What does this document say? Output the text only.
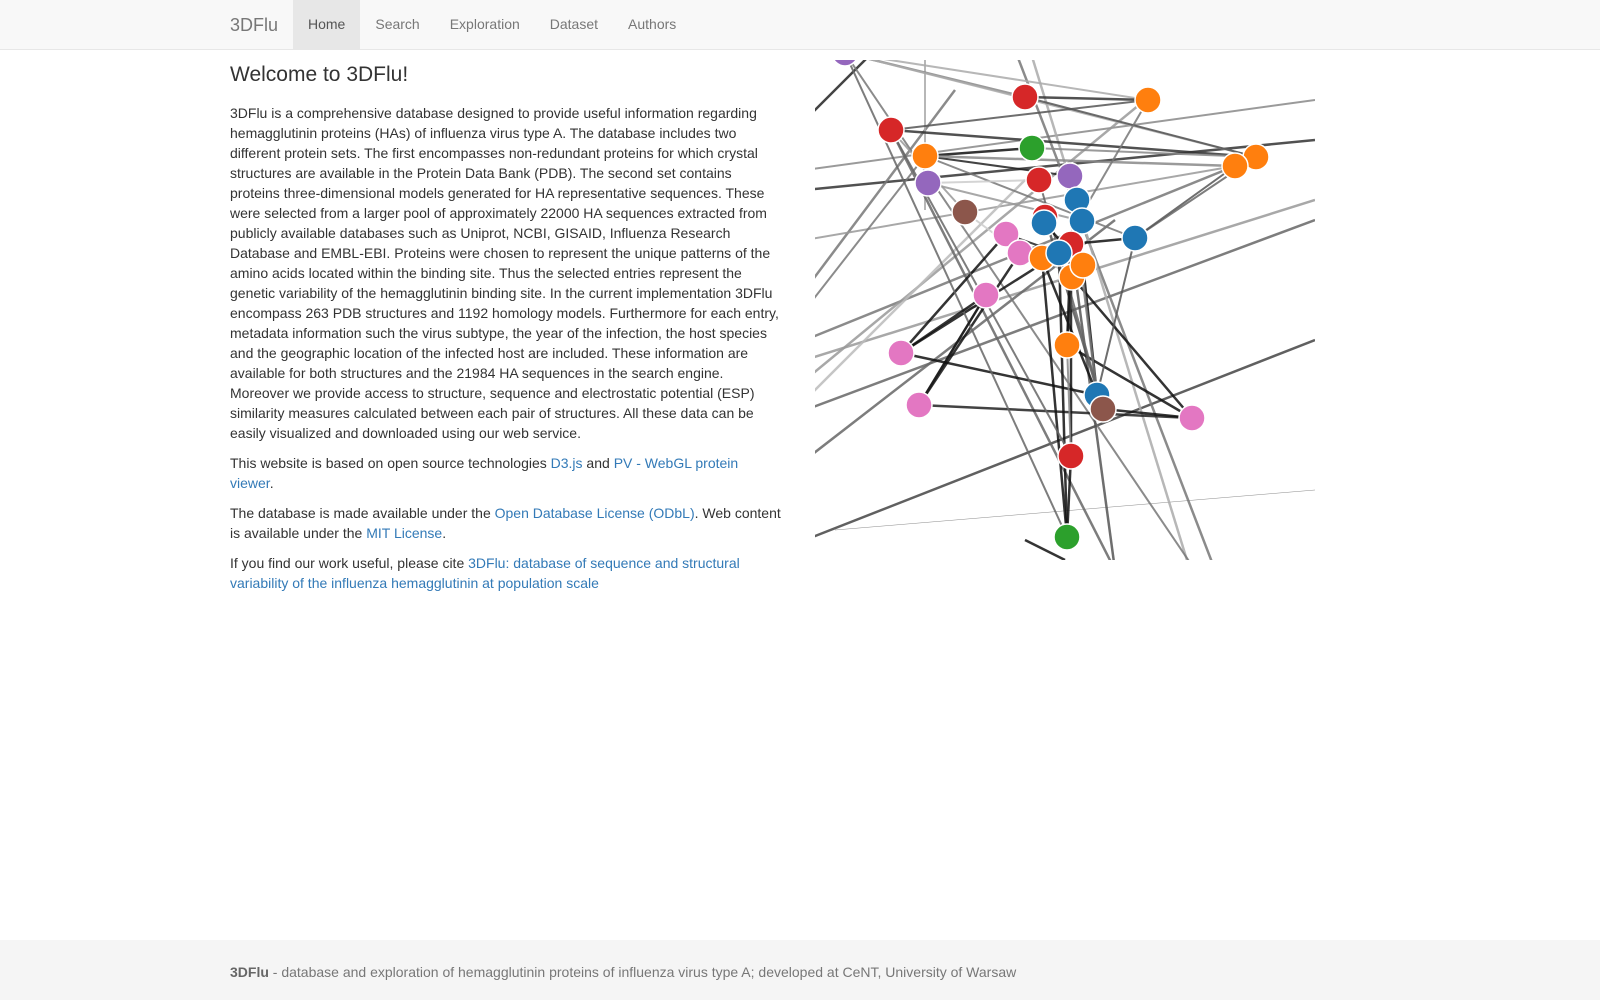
3DFlu	Home	Search	Exploration	Dataset	Authors
Welcome to 3DFlu!

3DFlu is a comprehensive database designed to provide useful information regarding hemagglutinin proteins (HAs) of influenza virus type A. The database includes two different protein sets. The first encompasses non-redundant proteins for which crystal structures are available in the Protein Data Bank (PDB). The second set contains proteins three-dimensional models generated for HA representative sequences. These were selected from a larger pool of approximately 22000 HA sequences extracted from publicly available databases such as Uniprot, NCBI, GISAID, Influenza Research Database and EMBL-EBI. Proteins were chosen to represent the unique patterns of the amino acids located within the binding site. Thus the selected entries represent the genetic variability of the hemagglutinin binding site. In the current implementation 3DFlu encompass 263 PDB structures and 1192 homology models. Furthermore for each entry, metadata information such the virus subtype, the year of the infection, the host species and the geographic location of the infected host are included. These information are available for both structures and the 21984 HA sequences in the search engine. Moreover we provide access to structure, sequence and electrostatic potential (ESP) similarity measures calculated between each pair of structures. All these data can be easily visualized and downloaded using our web service.

This website is based on open source technologies D3.js and PV - WebGL protein viewer.

The database is made available under the Open Database License (ODbL). Web content is available under the MIT License.

If you find our work useful, please cite 3DFlu: database of sequence and structural variability of the influenza hemagglutinin at population scale

3DFlu - database and exploration of hemagglutinin proteins of influenza virus type A; developed at CeNT, University of Warsaw
